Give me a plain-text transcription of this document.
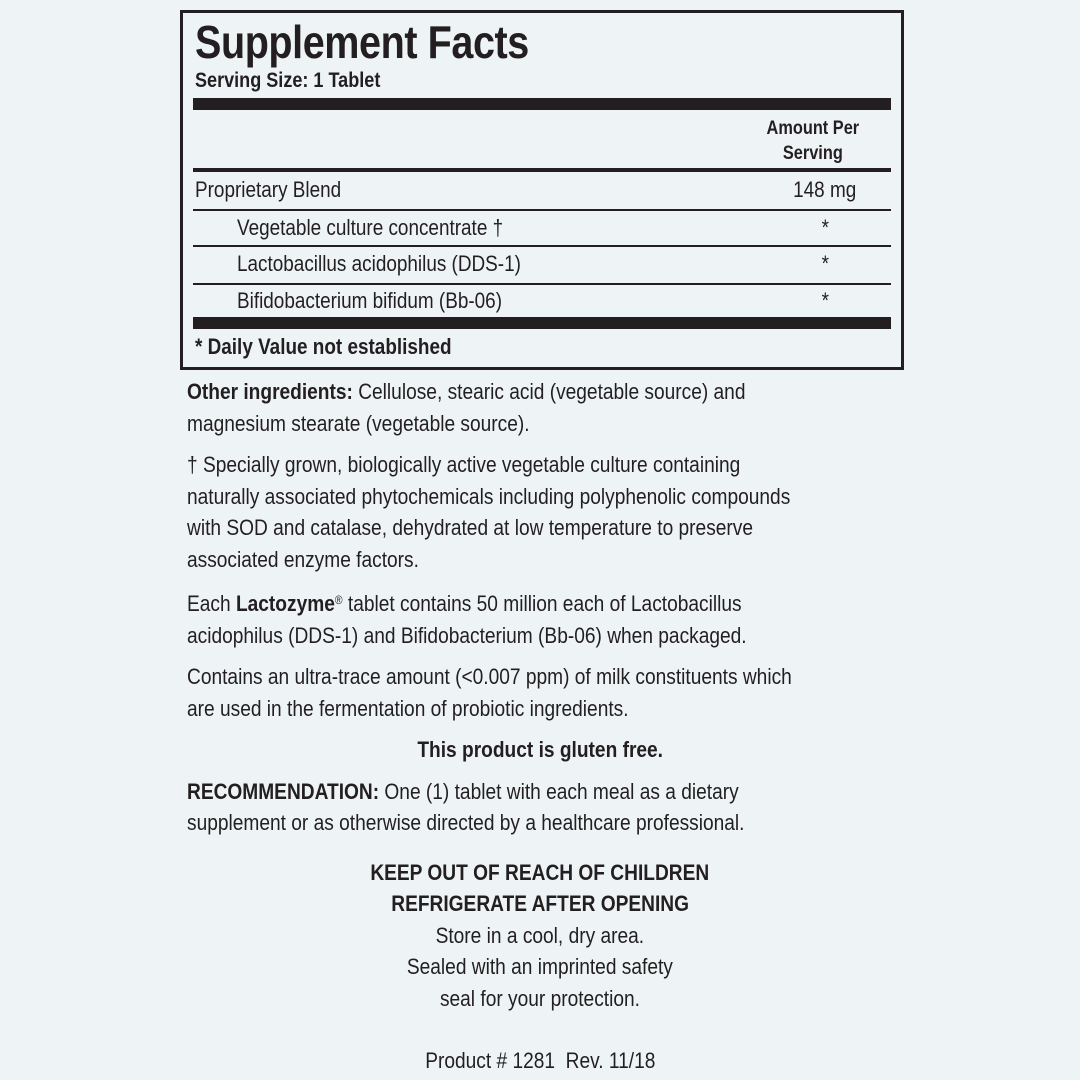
Supplement Facts
Serving Size: 1 Tablet
Amount Per
Serving
Proprietary Blend	148 mg
Vegetable culture concentrate †	*
Lactobacillus acidophilus (DDS-1)	*
Bifidobacterium bifidum (Bb-06)	*
* Daily Value not established
Other ingredients: Cellulose, stearic acid (vegetable source) and
magnesium stearate (vegetable source).
† Specially grown, biologically active vegetable culture containing
naturally associated phytochemicals including polyphenolic compounds
with SOD and catalase, dehydrated at low temperature to preserve
associated enzyme factors.
Each Lactozyme® tablet contains 50 million each of Lactobacillus
acidophilus (DDS-1) and Bifidobacterium (Bb-06) when packaged.
Contains an ultra-trace amount (<0.007 ppm) of milk constituents which
are used in the fermentation of probiotic ingredients.
This product is gluten free.
RECOMMENDATION: One (1) tablet with each meal as a dietary
supplement or as otherwise directed by a healthcare professional.
KEEP OUT OF REACH OF CHILDREN
REFRIGERATE AFTER OPENING
Store in a cool, dry area.
Sealed with an imprinted safety
seal for your protection.
Product # 1281  Rev. 11/18
